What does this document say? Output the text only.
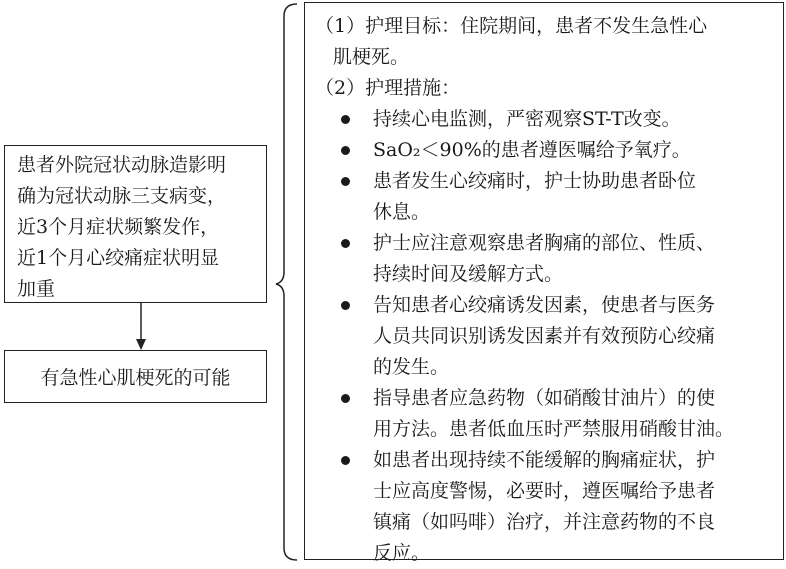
患者外院冠状动脉造影明
确为冠状动脉三支病变，
近3个月症状频繁发作，
近1个月心绞痛症状明显
加重
有急性心肌梗死的可能
（1）护理目标：住院期间，患者不发生急性心
肌梗死。
（2）护理措施：
持续心电监测，严密观察ST-T改变。
SaO₂＜90%的患者遵医嘱给予氧疗。
患者发生心绞痛时，护士协助患者卧位
休息。
护士应注意观察患者胸痛的部位、性质、
持续时间及缓解方式。
告知患者心绞痛诱发因素，使患者与医务
人员共同识别诱发因素并有效预防心绞痛
的发生。
指导患者应急药物（如硝酸甘油片）的使
用方法。患者低血压时严禁服用硝酸甘油。
如患者出现持续不能缓解的胸痛症状，护
士应高度警惕，必要时，遵医嘱给予患者
镇痛（如吗啡）治疗，并注意药物的不良
反应。
